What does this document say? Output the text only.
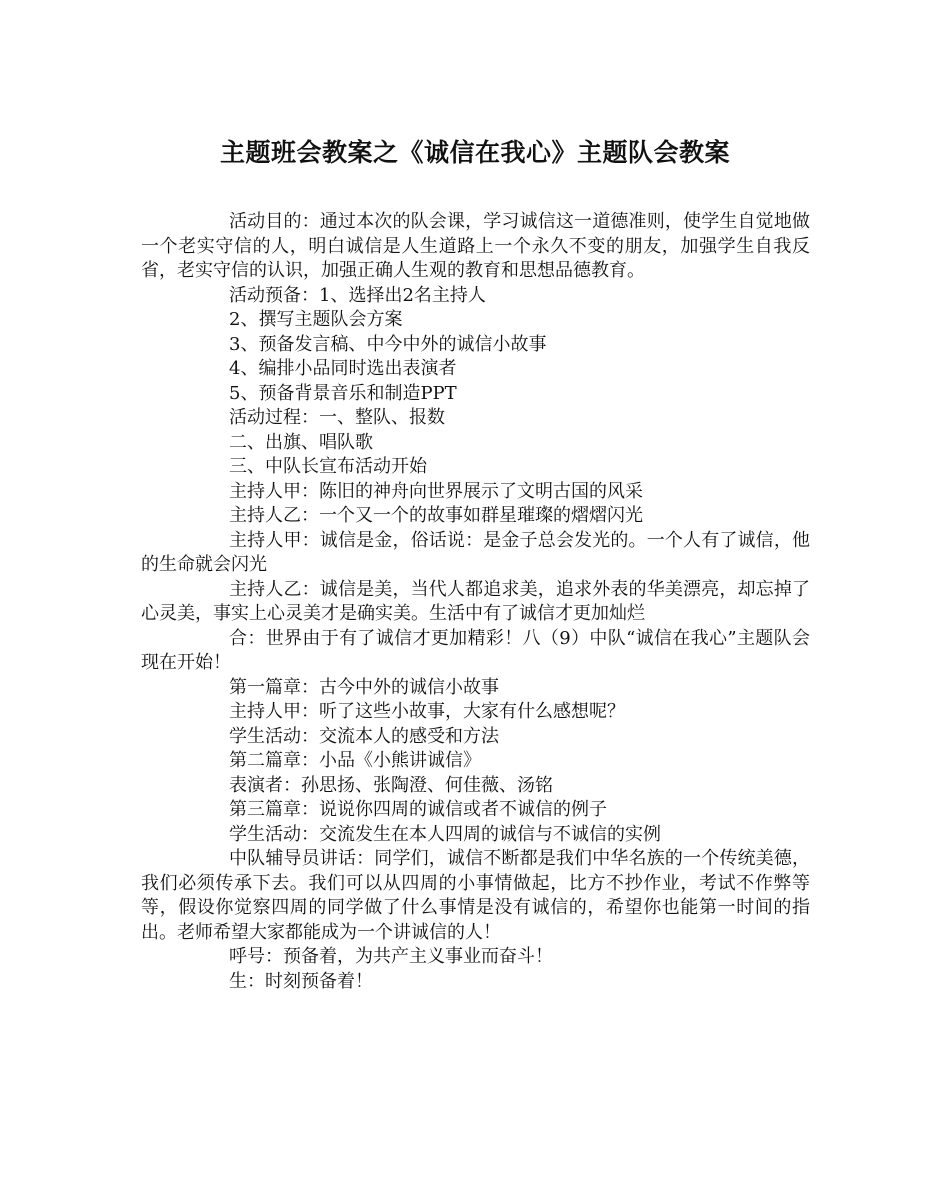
主题班会教案之《诚信在我心》主题队会教案

活动目的：通过本次的队会课，学习诚信这一道德准则，使学生自觉地做一个老实守信的人，明白诚信是人生道路上一个永久不变的朋友，加强学生自我反省，老实守信的认识，加强正确人生观的教育和思想品德教育。

活动预备：1、选择出2名主持人

2、撰写主题队会方案

3、预备发言稿、中今中外的诚信小故事

4、编排小品同时选出表演者

5、预备背景音乐和制造PPT

活动过程：一、整队、报数

二、出旗、唱队歌

三、中队长宣布活动开始

主持人甲：陈旧的神舟向世界展示了文明古国的风采

主持人乙：一个又一个的故事如群星璀璨的熠熠闪光

主持人甲：诚信是金，俗话说：是金子总会发光的。一个人有了诚信，他的生命就会闪光

主持人乙：诚信是美，当代人都追求美，追求外表的华美漂亮，却忘掉了心灵美，事实上心灵美才是确实美。生活中有了诚信才更加灿烂

合：世界由于有了诚信才更加精彩！八（9）中队“诚信在我心”主题队会现在开始！

第一篇章：古今中外的诚信小故事

主持人甲：听了这些小故事，大家有什么感想呢？

学生活动：交流本人的感受和方法

第二篇章：小品《小熊讲诚信》

表演者：孙思扬、张陶澄、何佳薇、汤铭

第三篇章：说说你四周的诚信或者不诚信的例子

学生活动：交流发生在本人四周的诚信与不诚信的实例

中队辅导员讲话：同学们，诚信不断都是我们中华名族的一个传统美德，我们必须传承下去。我们可以从四周的小事情做起，比方不抄作业，考试不作弊等等，假设你觉察四周的同学做了什么事情是没有诚信的，希望你也能第一时间的指出。老师希望大家都能成为一个讲诚信的人！

呼号：预备着，为共产主义事业而奋斗！

生：时刻预备着！
